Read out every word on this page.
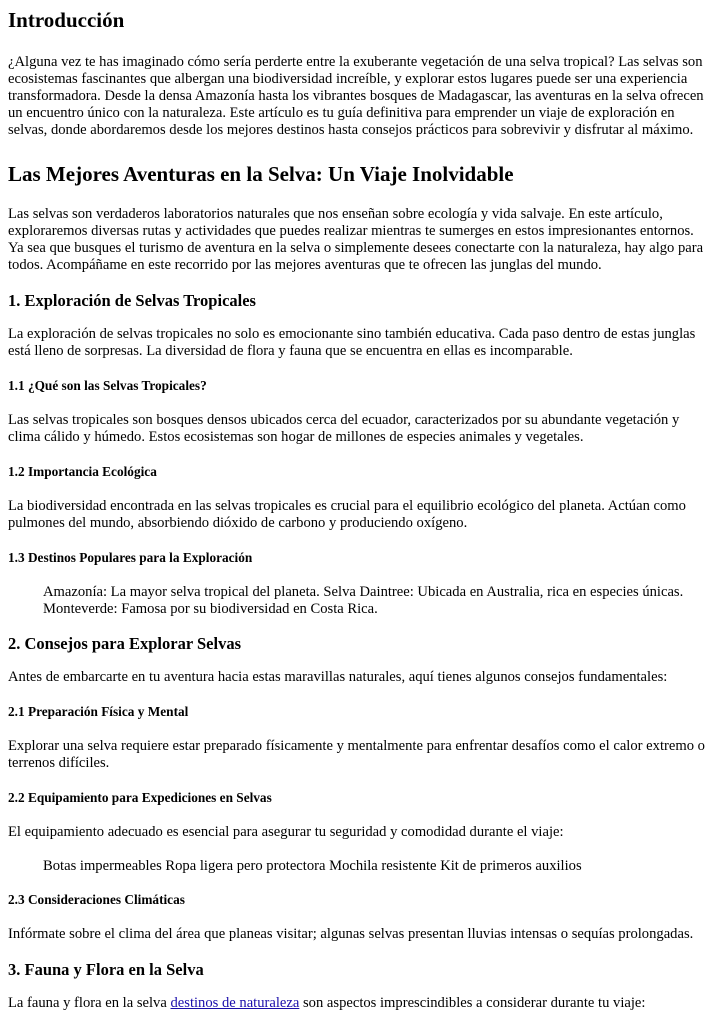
Introducción

¿Alguna vez te has imaginado cómo sería perderte entre la exuberante vegetación de una selva tropical? Las selvas son ecosistemas fascinantes que albergan una biodiversidad increíble, y explorar estos lugares puede ser una experiencia transformadora. Desde la densa Amazonía hasta los vibrantes bosques de Madagascar, las aventuras en la selva ofrecen un encuentro único con la naturaleza. Este artículo es tu guía definitiva para emprender un viaje de exploración en selvas, donde abordaremos desde los mejores destinos hasta consejos prácticos para sobrevivir y disfrutar al máximo.

Las Mejores Aventuras en la Selva: Un Viaje Inolvidable

Las selvas son verdaderos laboratorios naturales que nos enseñan sobre ecología y vida salvaje. En este artículo, exploraremos diversas rutas y actividades que puedes realizar mientras te sumerges en estos impresionantes entornos. Ya sea que busques el turismo de aventura en la selva o simplemente desees conectarte con la naturaleza, hay algo para todos. Acompáñame en este recorrido por las mejores aventuras que te ofrecen las junglas del mundo.

1. Exploración de Selvas Tropicales

La exploración de selvas tropicales no solo es emocionante sino también educativa. Cada paso dentro de estas junglas está lleno de sorpresas. La diversidad de flora y fauna que se encuentra en ellas es incomparable.

1.1 ¿Qué son las Selvas Tropicales?

Las selvas tropicales son bosques densos ubicados cerca del ecuador, caracterizados por su abundante vegetación y clima cálido y húmedo. Estos ecosistemas son hogar de millones de especies animales y vegetales.

1.2 Importancia Ecológica

La biodiversidad encontrada en las selvas tropicales es crucial para el equilibrio ecológico del planeta. Actúan como pulmones del mundo, absorbiendo dióxido de carbono y produciendo oxígeno.

1.3 Destinos Populares para la Exploración
Amazonía: La mayor selva tropical del planeta. Selva Daintree: Ubicada en Australia, rica en especies únicas. Monteverde: Famosa por su biodiversidad en Costa Rica.
2. Consejos para Explorar Selvas

Antes de embarcarte en tu aventura hacia estas maravillas naturales, aquí tienes algunos consejos fundamentales:

2.1 Preparación Física y Mental

Explorar una selva requiere estar preparado físicamente y mentalmente para enfrentar desafíos como el calor extremo o terrenos difíciles.

2.2 Equipamiento para Expediciones en Selvas

El equipamiento adecuado es esencial para asegurar tu seguridad y comodidad durante el viaje:

Botas impermeables Ropa ligera pero protectora Mochila resistente Kit de primeros auxilios
2.3 Consideraciones Climáticas

Infórmate sobre el clima del área que planeas visitar; algunas selvas presentan lluvias intensas o sequías prolongadas.

3. Fauna y Flora en la Selva

La fauna y flora en la selva destinos de naturaleza son aspectos imprescindibles a considerar durante tu viaje:
